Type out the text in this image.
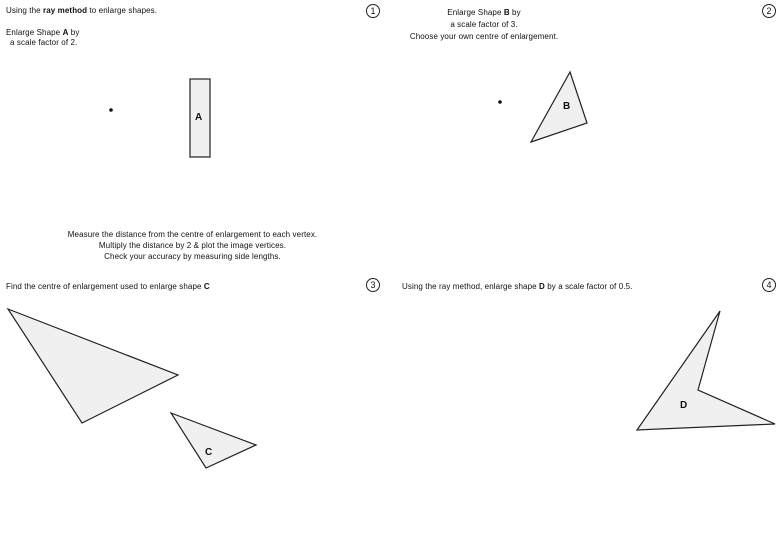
Using the ray method to enlarge shapes.
Enlarge Shape A by
a scale factor of 2.
1	Enlarge Shape B by
a scale factor of 3.
Choose your own centre of enlargement.
2
Measure the distance from the centre of enlargement to each vertex.
Multiply the distance by 2 & plot the image vertices.
Check your accuracy by measuring side lengths.
Find the centre of enlargement used to enlarge shape C	3	Using the ray method, enlarge shape D by a scale factor of 0.5.	4
A
B
C
D
